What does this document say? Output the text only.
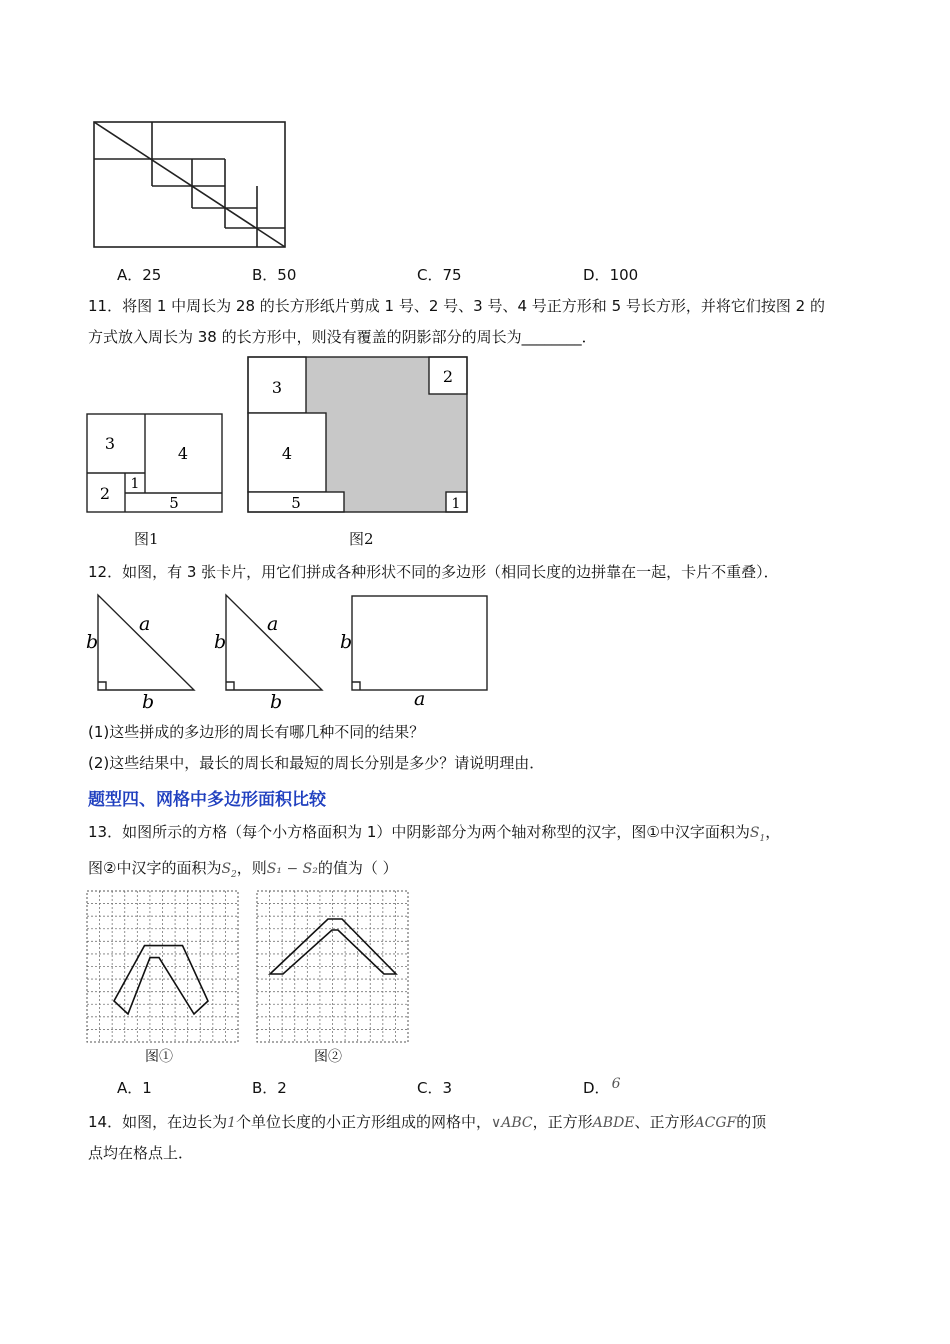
A．25	B．50	C．75	D．100
11．将图 1 中周长为 28 的长方形纸片剪成 1 号、2 号、3 号、4 号正方形和 5 号长方形，并将它们按图 2 的
方式放入周长为 38 的长方形中，则没有覆盖的阴影部分的周长为________．
3
4
2 1
5
图1
3
2
4
5	1
图2
12．如图，有 3 张卡片，用它们拼成各种形状不同的多边形（相同长度的边拼靠在一起，卡片不重叠）．
b
a
b
b
a
b
b
a
(1)这些拼成的多边形的周长有哪几种不同的结果？
(2)这些结果中，最长的周长和最短的周长分别是多少？请说明理由．
题型四、网格中多边形面积比较
13．如图所示的方格（每个小方格面积为 1）中阴影部分为两个轴对称型的汉字，图①中汉字面积为$S_1$，
图②中汉字的面积为$S_2$，则S₁ − S₂的值为（ ）
图①	图②
A．1	B．2	C．3	D． 6
14．如图，在边长为1个单位长度的小正方形组成的网格中，∨ABC，正方形ABDE、正方形ACGF的顶
点均在格点上．
